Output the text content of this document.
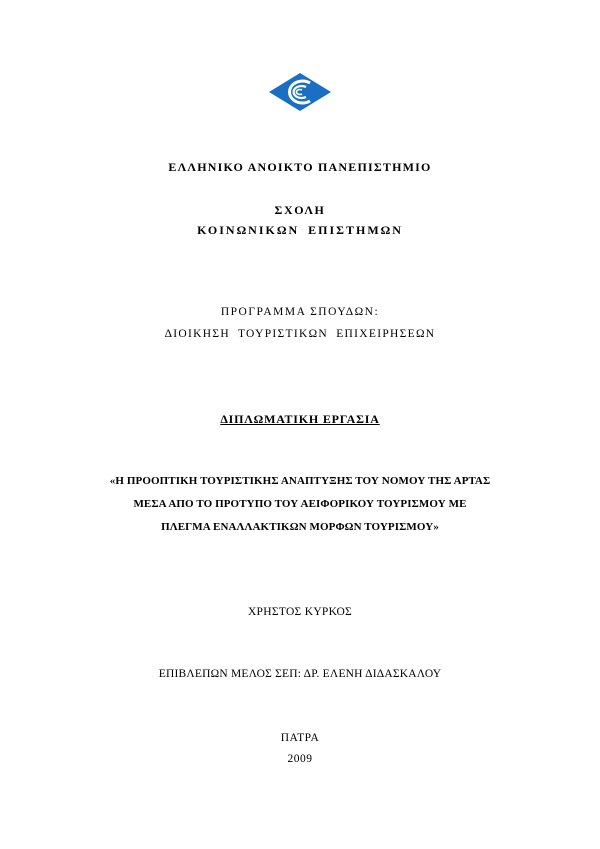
ΕΛΛΗΝΙΚΟ ΑΝΟΙΚΤΟ ΠΑΝΕΠΙΣΤΗΜΙΟ
ΣΧΟΛΗ
ΚΟΙΝΩΝΙΚΩΝ ΕΠΙΣΤΗΜΩΝ
ΠΡΟΓΡΑΜΜΑ ΣΠΟΥΔΩΝ:
ΔΙΟΙΚΗΣΗ ΤΟΥΡΙΣΤΙΚΩΝ ΕΠΙΧΕΙΡΗΣΕΩΝ
ΔΙΠΛΩΜΑΤΙΚΗ ΕΡΓΑΣΙΑ
«Η ΠΡΟΟΠΤΙΚΗ ΤΟΥΡΙΣΤΙΚΗΣ ΑΝΑΠΤΥΞΗΣ ΤΟΥ ΝΟΜΟΥ ΤΗΣ ΑΡΤΑΣ
ΜΕΣΑ ΑΠΟ ΤΟ ΠΡΟΤΥΠΟ ΤΟΥ ΑΕΙΦΟΡΙΚΟΥ ΤΟΥΡΙΣΜΟΥ ΜΕ
ΠΛΕΓΜΑ ΕΝΑΛΛΑΚΤΙΚΩΝ ΜΟΡΦΩΝ ΤΟΥΡΙΣΜΟΥ»
ΧΡΗΣΤΟΣ ΚΥΡΚΟΣ
ΕΠΙΒΛΕΠΩΝ ΜΕΛΟΣ ΣΕΠ: ΔΡ. ΕΛΕΝΗ ΔΙΔΑΣΚΑΛΟΥ
ΠΑΤΡΑ
2009
